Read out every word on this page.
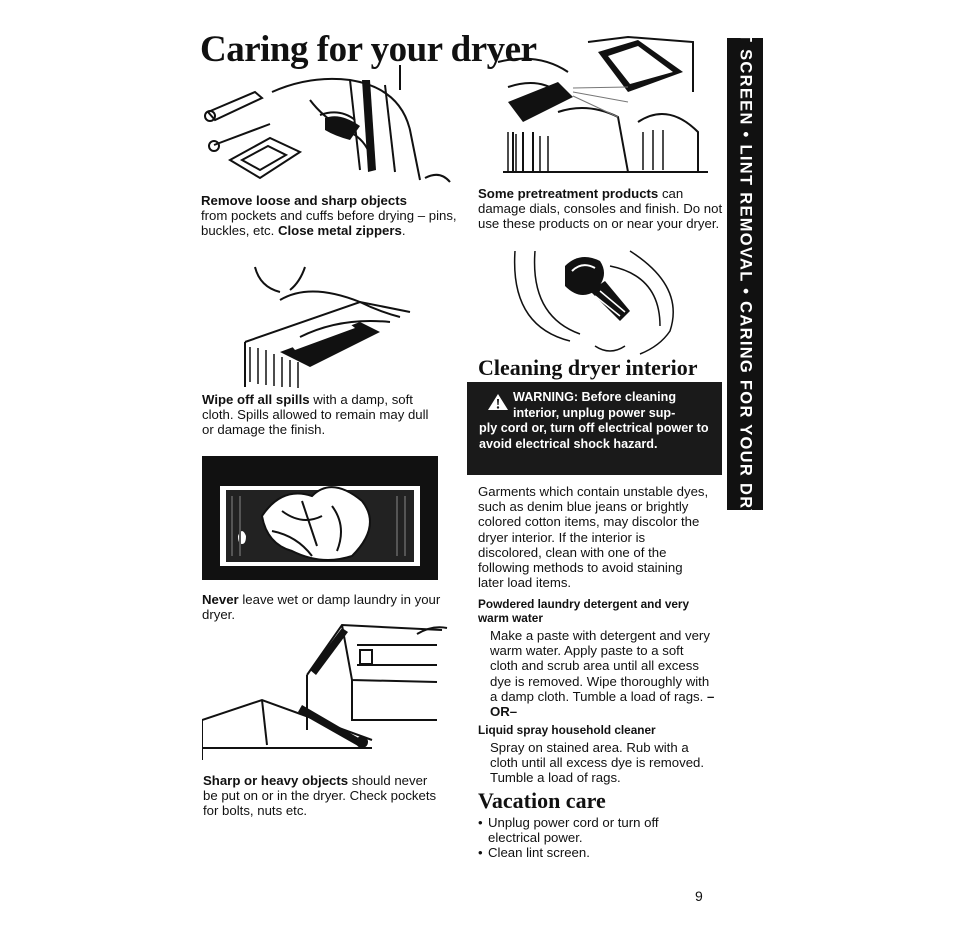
Caring for your dryer	LINT SCREEN • LINT REMOVAL • CARING FOR YOUR DRYER
Remove loose and sharp objects
from pockets and cuffs before drying – pins, buckles, etc. Close metal zippers.
Wipe off all spills with a damp, soft cloth. Spills allowed to remain may dull or damage the finish.
Never leave wet or damp laundry in your dryer.
Sharp or heavy objects should never be put on or in the dryer. Check pockets for bolts, nuts etc.
Some pretreatment products can damage dials, consoles and finish. Do not use these products on or near your dryer.
Cleaning dryer interior
WARNING: Before cleaning
interior, unplug power sup-
ply cord or, turn off electrical power to avoid electrical shock hazard.
Garments which contain unstable dyes, such as denim blue jeans or brightly colored cotton items, may discolor the dryer interior. If the interior is discolored, clean with one of the following methods to avoid staining later load items.
Powdered laundry detergent and very warm water
Make a paste with detergent and very warm water. Apply paste to a soft cloth and scrub area until all excess dye is removed. Wipe thoroughly with a damp cloth. Tumble a load of rags. –OR–
Liquid spray household cleaner
Spray on stained area. Rub with a cloth until all excess dye is removed. Tumble a load of rags.
Vacation care
• Unplug power cord or turn off electrical power.
• Clean lint screen.
9
